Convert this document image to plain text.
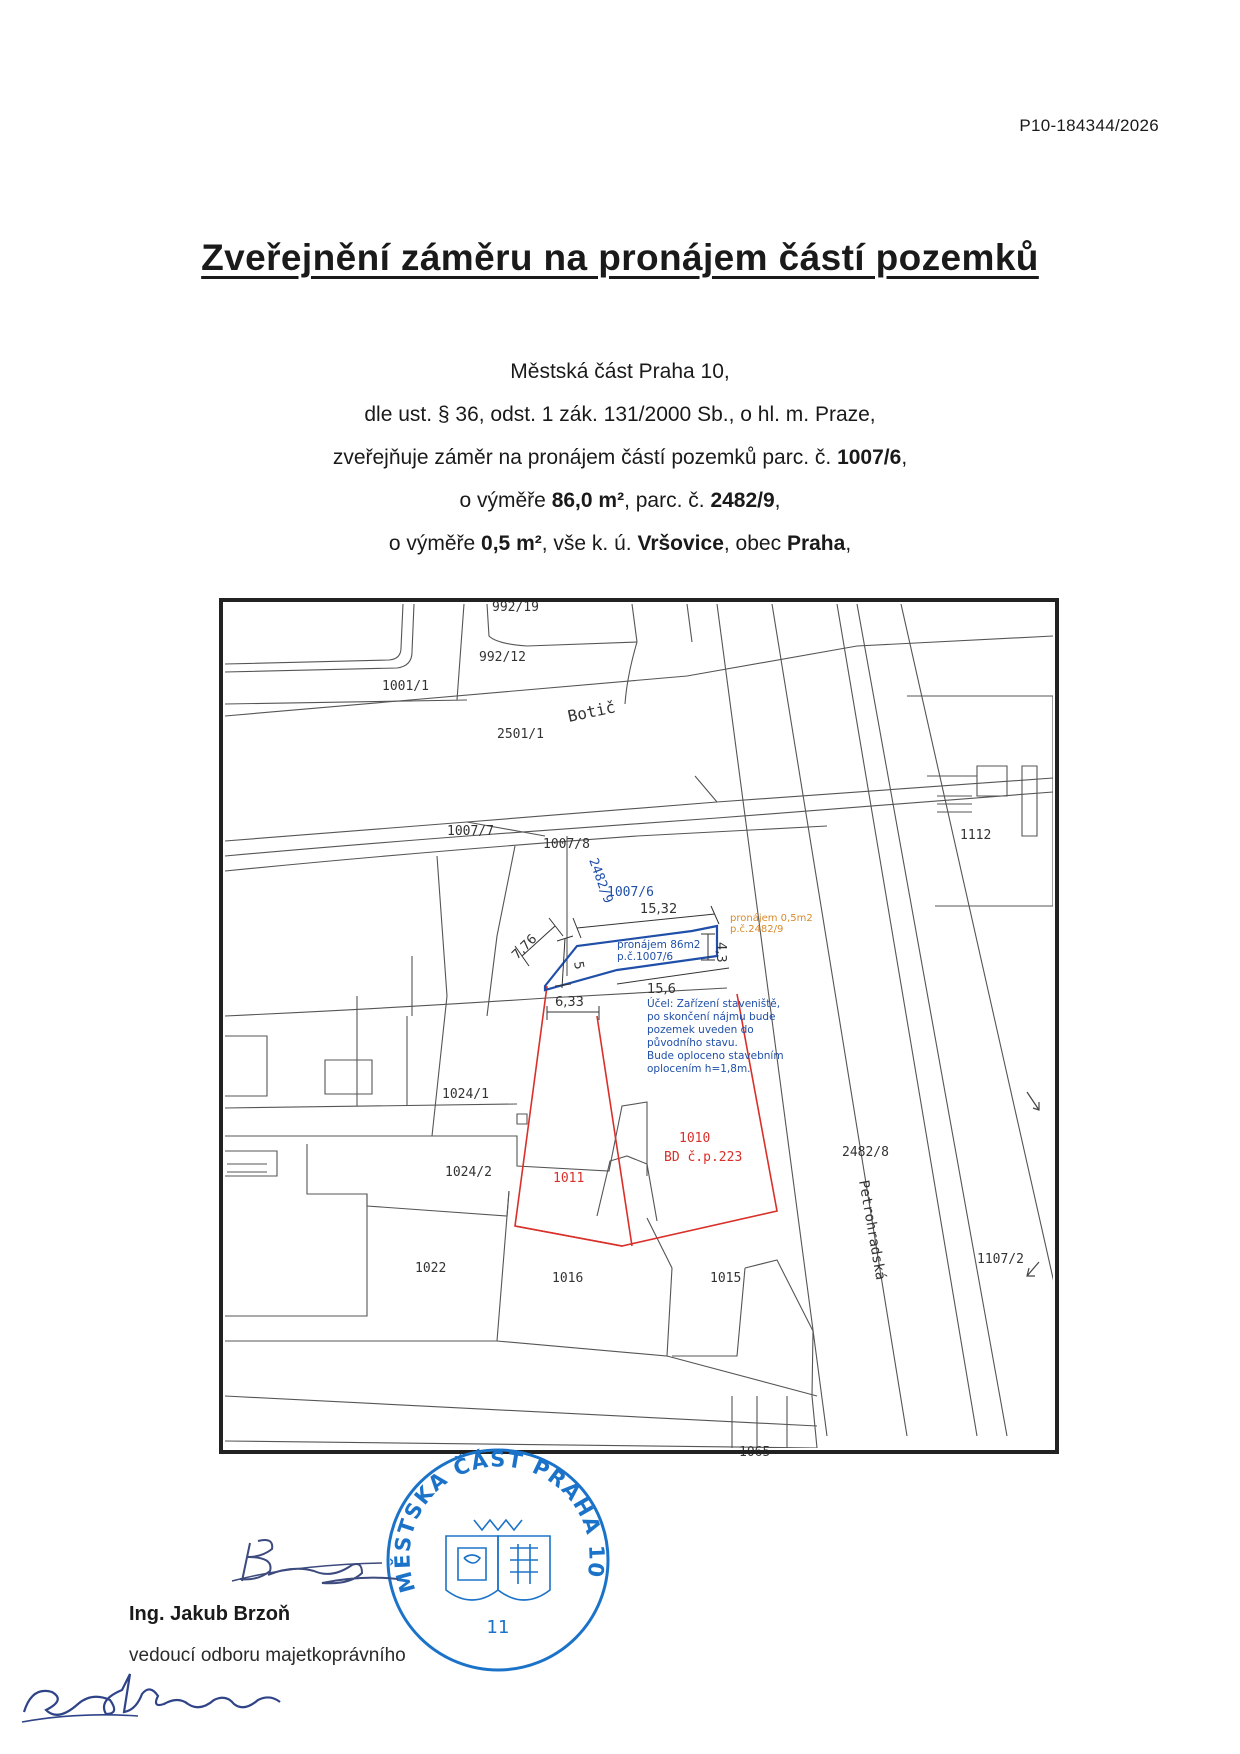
P10-184344/2026
Zveřejnění záměru na pronájem částí pozemků
Městská část Praha 10,
dle ust. § 36, odst. 1 zák. 131/2000 Sb., o hl. m. Praze,
zveřejňuje záměr na pronájem částí pozemků parc. č. 1007/6,
o výměře 86,0 m², parc. č. 2482/9,
o výměře 0,5 m², vše k. ú. Vršovice, obec Praha,
992/19
992/12
1001/1
2501/1
1007/7
1007/8
1112
1024/1
1024/2
2482/8
1107/2
1022
1016	1015
1065
2482/9
1007/6
1011
1010
BD č.p.223
Botič
Petrohradská
15,32
7,76	4,3
5
15,6
6,33
pronájem 86m2
p.č.1007/6
pronájem 0,5m2
p.č.2482/9
Účel: Zařízení staveniště,
po skončení nájmu bude
pozemek uveden do
původního stavu.
Bude oploceno stavebním
oplocením h=1,8m.
MĚSTSKÁ ČÁST PRAHA 10
11
Ing. Jakub Brzoň
vedoucí odboru majetkoprávního
